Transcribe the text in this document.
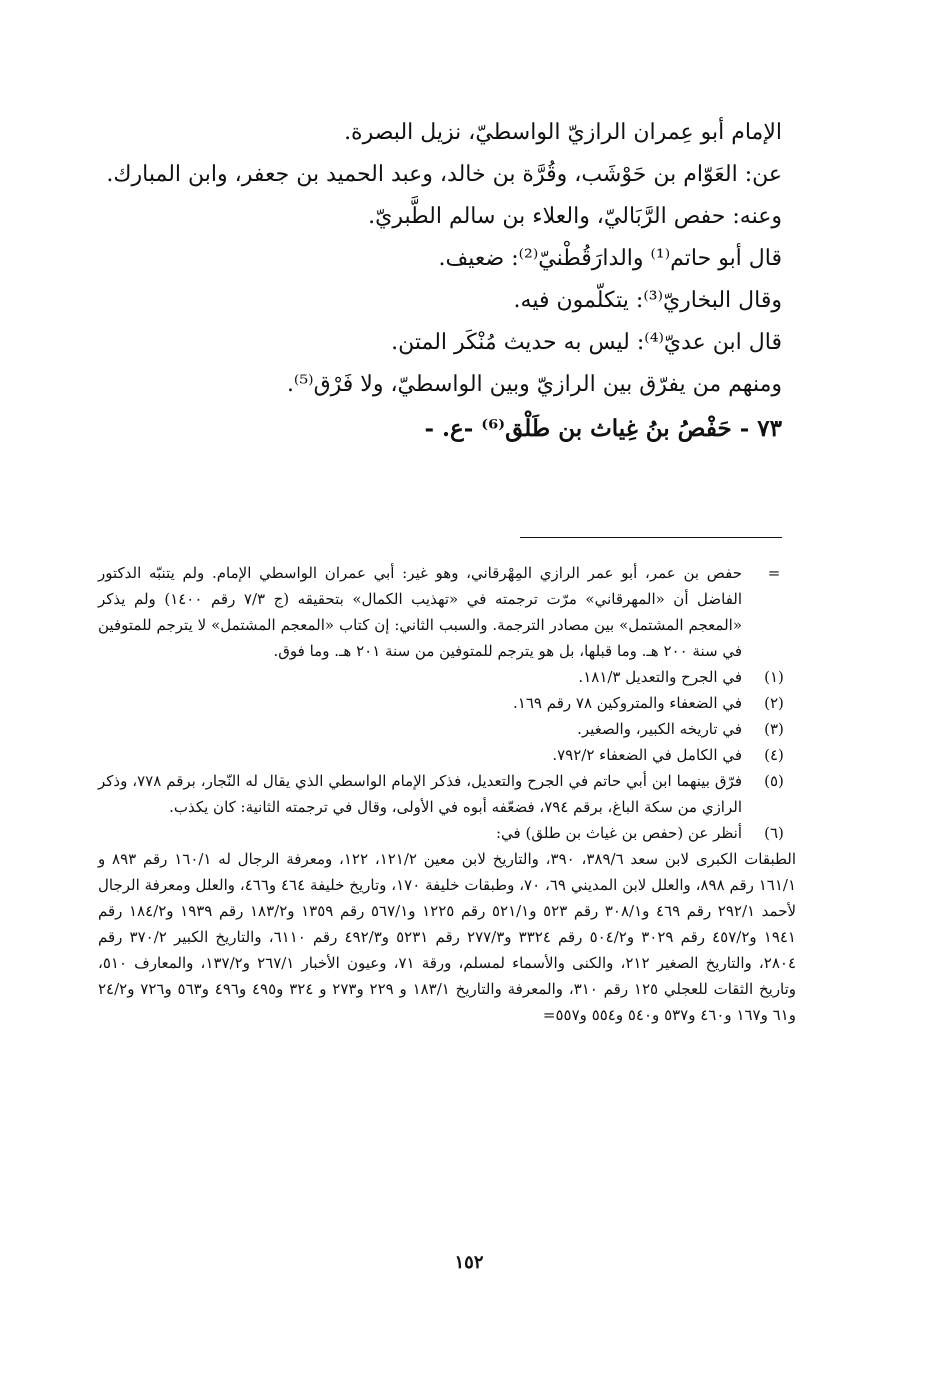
الإمام أبو عِمران الرازيّ الواسطيّ، نزيل البصرة.
عن: العَوّام بن حَوْشَب، وقُرَّة بن خالد، وعبد الحميد بن جعفر، وابن المبارك.
وعنه: حفص الرَّبَاليّ، والعلاء بن سالم الطَّبريّ.
قال أبو حاتم⁽¹⁾ والدارَقُطْنيّ⁽²⁾: ضعيف.
وقال البخاريّ⁽³⁾: يتكلّمون فيه.
قال ابن عديّ⁽⁴⁾: ليس به حديث مُنْكَر المتن.
ومنهم من يفرّق بين الرازيّ وبين الواسطيّ، ولا فَرْق⁽⁵⁾.
٧٣ - حَفْصُ بنُ غِياث بن طَلْق⁽⁶⁾ -ع. -
=
حفص بن عمر، أبو عمر الرازي المِهْرقاني، وهو غير: أبي عمران الواسطي الإمام. ولم يتنبّه الدكتور الفاضل أن «المهرقاني» مرّت ترجمته في «تهذيب الكمال» بتحقيقه (ج ٧/٣ رقم ١٤٠٠) ولم يذكر «المعجم المشتمل» بين مصادر الترجمة. والسبب الثاني: إن كتاب «المعجم المشتمل» لا يترجم للمتوفين في سنة ٢٠٠ هـ. وما قبلها، بل هو يترجم للمتوفين من سنة ٢٠١ هـ. وما فوق.
(١)
في الجرح والتعديل ١٨١/٣.
(٢)
في الضعفاء والمتروكين ٧٨ رقم ١٦٩.
(٣)
في تاريخه الكبير، والصغير.
(٤)
في الكامل في الضعفاء ٧٩٢/٢.
(٥)
فرّق بينهما ابن أبي حاتم في الجرح والتعديل، فذكر الإمام الواسطي الذي يقال له النّجار، برقم ٧٧٨، وذكر الرازي من سكة الباغ، برقم ٧٩٤، فضعّفه أبوه في الأولى، وقال في ترجمته الثانية: كان يكذب.
(٦)
أنظر عن (حفص بن غياث بن طلق) في:
الطبقات الكبرى لابن سعد ٣٨٩/٦، ٣٩٠، والتاريخ لابن معين ١٢١/٢، ١٢٢، ومعرفة الرجال له ١٦٠/١ رقم ٨٩٣ و ١٦١/١ رقم ٨٩٨، والعلل لابن المديني ٦٩، ٧٠، وطبقات خليفة ١٧٠، وتاريخ خليفة ٤٦٤ و٤٦٦، والعلل ومعرفة الرجال لأحمد ٢٩٢/١ رقم ٤٦٩ و٣٠٨/١ رقم ٥٢٣ و٥٢١/١ رقم ١٢٢٥ و٥٦٧/١ رقم ١٣٥٩ و١٨٣/٢ رقم ١٩٣٩ و١٨٤/٢ رقم ١٩٤١ و٤٥٧/٢ رقم ٣٠٢٩ و٥٠٤/٢ رقم ٣٣٢٤ و٢٧٧/٣ رقم ٥٢٣١ و٤٩٢/٣ رقم ٦١١٠، والتاريخ الكبير ٣٧٠/٢ رقم ٢٨٠٤، والتاريخ الصغير ٢١٢، والكنى والأسماء لمسلم، ورقة ٧١، وعيون الأخبار ٢٦٧/١ و١٣٧/٢، والمعارف ٥١٠، وتاريخ الثقات للعجلي ١٢٥ رقم ٣١٠، والمعرفة والتاريخ ١٨٣/١ و ٢٢٩ و٢٧٣ و ٣٢٤ و٤٩٥ و٤٩٦ و٥٦٣ و٧٢٦ و٢٤/٢ و٦١ و١٦٧ و٤٦٠ و٥٣٧ و٥٤٠ و٥٥٤ و٥٥٧=
١٥٢
